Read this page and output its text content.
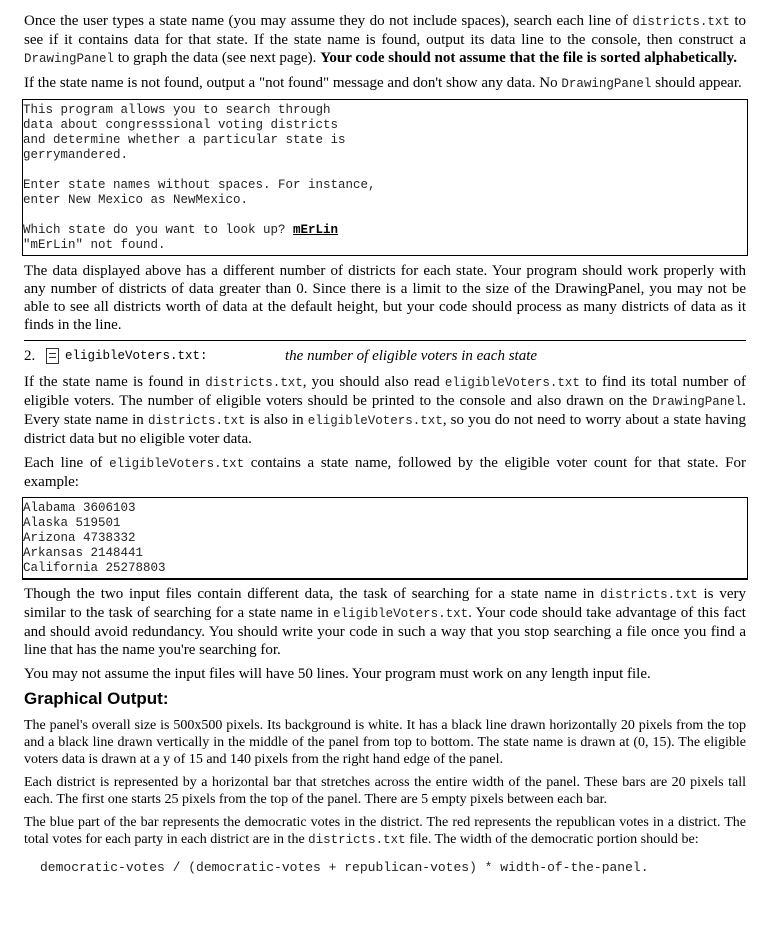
Once the user types a state name (you may assume they do not include spaces), search each line of districts.txt to see if it contains data for that state. If the state name is found, output its data line to the console, then construct a DrawingPanel to graph the data (see next page). Your code should not assume that the file is sorted alphabetically.

If the state name is not found, output a "not found" message and don't show any data. No DrawingPanel should appear.

This program allows you to search through
data about congresssional voting districts
and determine whether a particular state is
gerrymandered.
Enter state names without spaces. For instance,
enter New Mexico as NewMexico.
Which state do you want to look up? mErLin
"mErLin" not found.

The data displayed above has a different number of districts for each state. Your program should work properly with any number of districts of data greater than 0. Since there is a limit to the size of the DrawingPanel, you may not be able to see all districts worth of data at the default height, but your code should process as many districts of data as it finds in the line.

2.	eligibleVoters.txt:	the number of eligible voters in each state

If the state name is found in districts.txt, you should also read eligibleVoters.txt to find its total number of eligible voters. The number of eligible voters should be printed to the console and also drawn on the DrawingPanel. Every state name in districts.txt is also in eligibleVoters.txt, so you do not need to worry about a state having district data but no eligible voter data.

Each line of eligibleVoters.txt contains a state name, followed by the eligible voter count for that state. For example:

Alabama 3606103
Alaska 519501
Arizona 4738332
Arkansas 2148441
California 25278803

Though the two input files contain different data, the task of searching for a state name in districts.txt is very similar to the task of searching for a state name in eligibleVoters.txt. Your code should take advantage of this fact and should avoid redundancy. You should write your code in such a way that you stop searching a file once you find a line that has the name you're searching for.

You may not assume the input files will have 50 lines. Your program must work on any length input file.

Graphical Output:

The panel's overall size is 500x500 pixels. Its background is white. It has a black line drawn horizontally 20 pixels from the top and a black line drawn vertically in the middle of the panel from top to bottom. The state name is drawn at (0, 15). The eligible voters data is drawn at a y of 15 and 140 pixels from the right hand edge of the panel.

Each district is represented by a horizontal bar that stretches across the entire width of the panel. These bars are 20 pixels tall each. The first one starts 25 pixels from the top of the panel. There are 5 empty pixels between each bar.

The blue part of the bar represents the democratic votes in the district. The red represents the republican votes in a district. The total votes for each party in each district are in the districts.txt file. The width of the democratic portion should be:

democratic-votes / (democratic-votes + republican-votes) * width-of-the-panel.
